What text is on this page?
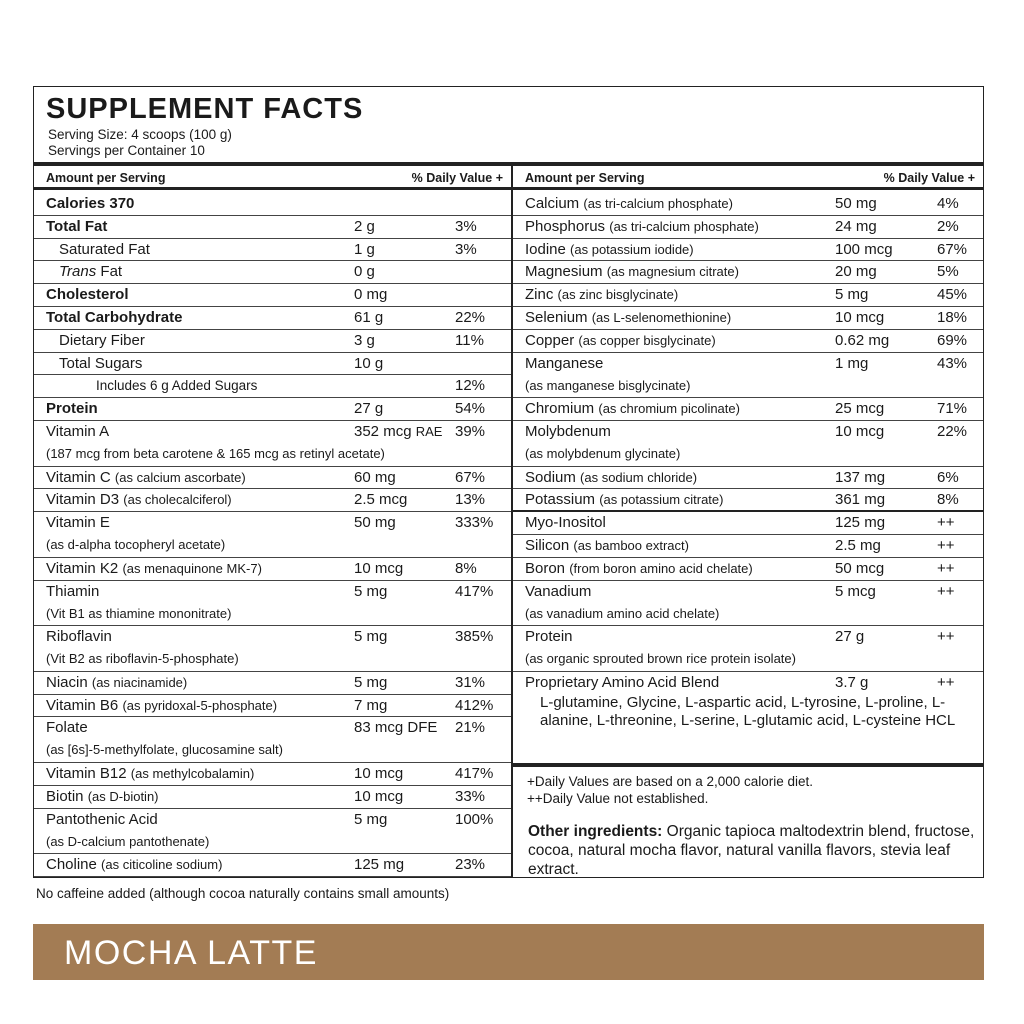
SUPPLEMENT FACTS
Serving Size: 4 scoops (100 g)
Servings per Container 10
Amount per Serving	% Daily Value +
Calories 370
Total Fat	2 g	3%
Saturated Fat	1 g	3%
Trans Fat	0 g
Cholesterol	0 mg
Total Carbohydrate	61 g	22%
Dietary Fiber	3 g	11%
Total Sugars	10 g
Includes 6 g Added Sugars	12%
Protein	27 g	54%
Vitamin A	352 mcg RAE 39%
(187 mcg from beta carotene & 165 mcg as retinyl acetate)
Vitamin C (as calcium ascorbate)	60 mg	67%
Vitamin D3 (as cholecalciferol)	2.5 mcg	13%
Vitamin E	50 mg	333%
(as d-alpha tocopheryl acetate)
Vitamin K2 (as menaquinone MK-7)	10 mcg	8%
Thiamin	5 mg	417%
(Vit B1 as thiamine mononitrate)
Riboflavin	5 mg	385%
(Vit B2 as riboflavin-5-phosphate)
Niacin (as niacinamide)	5 mg	31%
Vitamin B6 (as pyridoxal-5-phosphate)	7 mg	412%
Folate	83 mcg DFE 21%
(as [6s]-5-methylfolate, glucosamine salt)
Vitamin B12 (as methylcobalamin)	10 mcg	417%
Biotin (as D-biotin)	10 mcg	33%
Pantothenic Acid	5 mg	100%
(as D-calcium pantothenate)
Choline (as citicoline sodium)	125 mg	23%
Amount per Serving	% Daily Value +
Calcium (as tri-calcium phosphate)	50 mg	4%
Phosphorus (as tri-calcium phosphate)	24 mg	2%
Iodine (as potassium iodide)	100 mcg	67%
Magnesium (as magnesium citrate)	20 mg	5%
Zinc (as zinc bisglycinate)	5 mg	45%
Selenium (as L-selenomethionine)	10 mcg	18%
Copper (as copper bisglycinate)	0.62 mg	69%
Manganese	1 mg	43%
(as manganese bisglycinate)
Chromium (as chromium picolinate)	25 mcg	71%
Molybdenum	10 mcg	22%
(as molybdenum glycinate)
Sodium (as sodium chloride)	137 mg	6%
Potassium (as potassium citrate)	361 mg	8%
Myo-Inositol	125 mg	++
Silicon (as bamboo extract)	2.5 mg	++
Boron (from boron amino acid chelate)	50 mcg	++
Vanadium	5 mcg	++
(as vanadium amino acid chelate)
Protein	27 g	++
(as organic sprouted brown rice protein isolate)
Proprietary Amino Acid Blend	3.7 g	++
L-glutamine, Glycine, L-aspartic acid, L-tyrosine, L-proline, L-alanine, L-threonine, L-serine, L-glutamic acid, L-cysteine HCL
+Daily Values are based on a 2,000 calorie diet.
++Daily Value not established.
Other ingredients: Organic tapioca maltodextrin blend, fructose, cocoa, natural mocha flavor, natural vanilla flavors, stevia leaf extract.
No caffeine added (although cocoa naturally contains small amounts)
MOCHA LATTE
